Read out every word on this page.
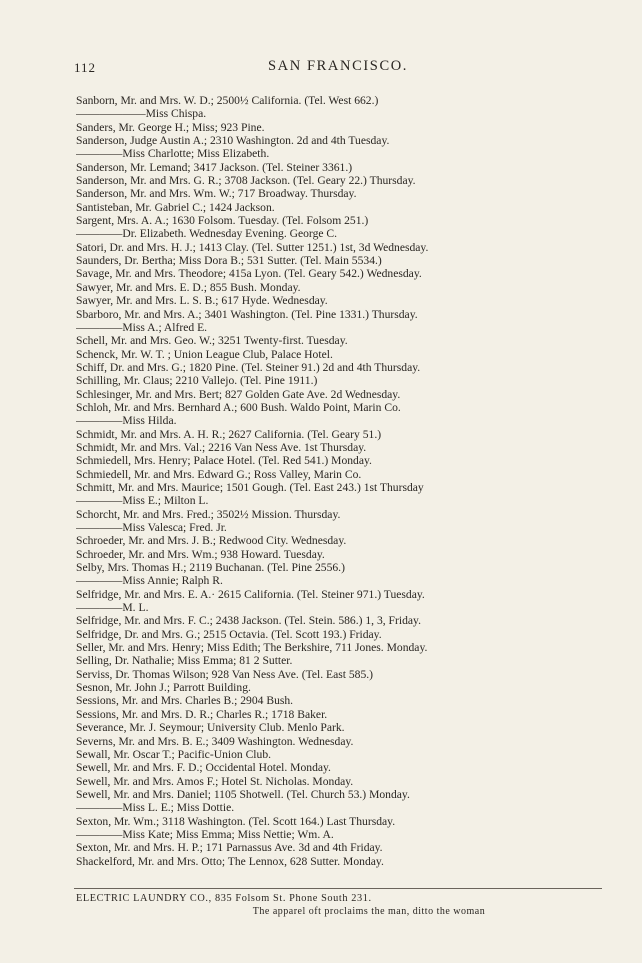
112	SAN FRANCISCO.
Sanborn, Mr. and Mrs. W. D.; 2500½ California. (Tel. West 662.)
——————Miss Chispa.
Sanders, Mr. George H.; Miss; 923 Pine.
Sanderson, Judge Austin A.; 2310 Washington. 2d and 4th Tuesday.
————Miss Charlotte; Miss Elizabeth.
Sanderson, Mr. Lemand; 3417 Jackson. (Tel. Steiner 3361.)
Sanderson, Mr. and Mrs. G. R.; 3708 Jackson. (Tel. Geary 22.) Thursday.
Sanderson, Mr. and Mrs. Wm. W.; 717 Broadway. Thursday.
Santisteban, Mr. Gabriel C.; 1424 Jackson.
Sargent, Mrs. A. A.; 1630 Folsom. Tuesday. (Tel. Folsom 251.)
————Dr. Elizabeth. Wednesday Evening. George C.
Satori, Dr. and Mrs. H. J.; 1413 Clay. (Tel. Sutter 1251.) 1st, 3d Wednesday.
Saunders, Dr. Bertha; Miss Dora B.; 531 Sutter. (Tel. Main 5534.)
Savage, Mr. and Mrs. Theodore; 415a Lyon. (Tel. Geary 542.) Wednesday.
Sawyer, Mr. and Mrs. E. D.; 855 Bush. Monday.
Sawyer, Mr. and Mrs. L. S. B.; 617 Hyde. Wednesday.
Sbarboro, Mr. and Mrs. A.; 3401 Washington. (Tel. Pine 1331.) Thursday.
————Miss A.; Alfred E.
Schell, Mr. and Mrs. Geo. W.; 3251 Twenty-first. Tuesday.
Schenck, Mr. W. T. ; Union League Club, Palace Hotel.
Schiff, Dr. and Mrs. G.; 1820 Pine. (Tel. Steiner 91.) 2d and 4th Thursday.
Schilling, Mr. Claus; 2210 Vallejo. (Tel. Pine 1911.)
Schlesinger, Mr. and Mrs. Bert; 827 Golden Gate Ave. 2d Wednesday.
Schloh, Mr. and Mrs. Bernhard A.; 600 Bush. Waldo Point, Marin Co.
————Miss Hilda.
Schmidt, Mr. and Mrs. A. H. R.; 2627 California. (Tel. Geary 51.)
Schmidt, Mr. and Mrs. Val.; 2216 Van Ness Ave. 1st Thursday.
Schmiedell, Mrs. Henry; Palace Hotel. (Tel. Red 541.) Monday.
Schmiedell, Mr. and Mrs. Edward G.; Ross Valley, Marin Co.
Schmitt, Mr. and Mrs. Maurice; 1501 Gough. (Tel. East 243.) 1st Thursday
————Miss E.; Milton L.
Schorcht, Mr. and Mrs. Fred.; 3502½ Mission. Thursday.
————Miss Valesca; Fred. Jr.
Schroeder, Mr. and Mrs. J. B.; Redwood City. Wednesday.
Schroeder, Mr. and Mrs. Wm.; 938 Howard. Tuesday.
Selby, Mrs. Thomas H.; 2119 Buchanan. (Tel. Pine 2556.)
————Miss Annie; Ralph R.
Selfridge, Mr. and Mrs. E. A.· 2615 California. (Tel. Steiner 971.) Tuesday.
————M. L.
Selfridge, Mr. and Mrs. F. C.; 2438 Jackson. (Tel. Stein. 586.) 1, 3, Friday.
Selfridge, Dr. and Mrs. G.; 2515 Octavia. (Tel. Scott 193.) Friday.
Seller, Mr. and Mrs. Henry; Miss Edith; The Berkshire, 711 Jones. Monday.
Selling, Dr. Nathalie; Miss Emma; 81 2 Sutter.
Serviss, Dr. Thomas Wilson; 928 Van Ness Ave. (Tel. East 585.)
Sesnon, Mr. John J.; Parrott Building.
Sessions, Mr. and Mrs. Charles B.; 2904 Bush.
Sessions, Mr. and Mrs. D. R.; Charles R.; 1718 Baker.
Severance, Mr. J. Seymour; University Club. Menlo Park.
Severns, Mr. and Mrs. B. E.; 3409 Washington. Wednesday.
Sewall, Mr. Oscar T.; Pacific-Union Club.
Sewell, Mr. and Mrs. F. D.; Occidental Hotel. Monday.
Sewell, Mr. and Mrs. Amos F.; Hotel St. Nicholas. Monday.
Sewell, Mr. and Mrs. Daniel; 1105 Shotwell. (Tel. Church 53.) Monday.
————Miss L. E.; Miss Dottie.
Sexton, Mr. Wm.; 3118 Washington. (Tel. Scott 164.) Last Thursday.
————Miss Kate; Miss Emma; Miss Nettie; Wm. A.
Sexton, Mr. and Mrs. H. P.; 171 Parnassus Ave. 3d and 4th Friday.
Shackelford, Mr. and Mrs. Otto; The Lennox, 628 Sutter. Monday.
ELECTRIC LAUNDRY CO., 835 Folsom St. Phone South 231.
The apparel oft proclaims the man, ditto the woman
